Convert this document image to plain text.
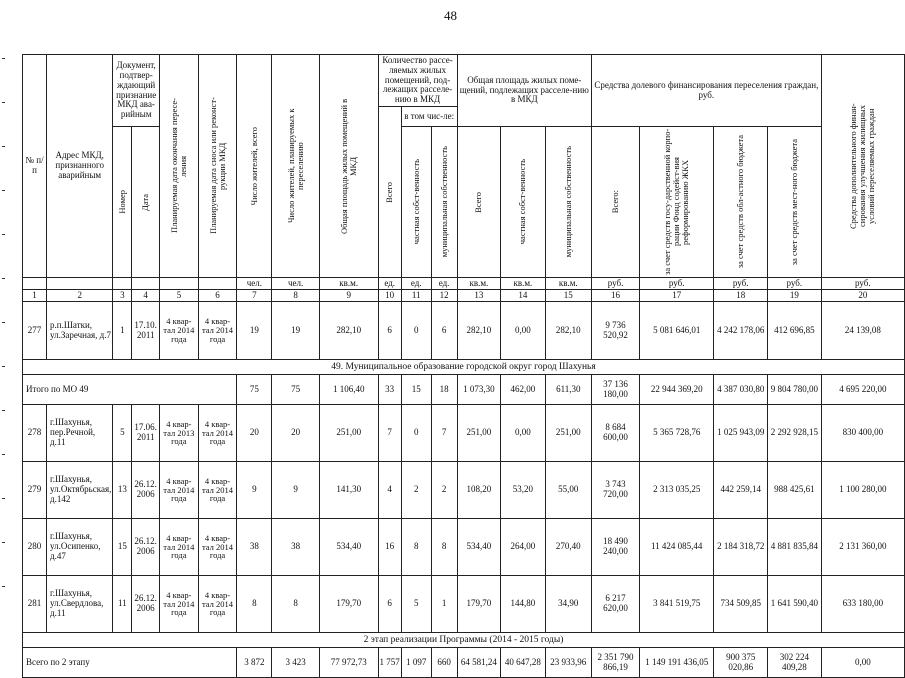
48
№ п/п	Адрес МКД, признанного аварийным	Документ, подтвер-ждающий признание МКД ава-рийным		Планируемая дата окончания пересе-ления	Планируемая дата сноса или реконст-рукции МКД	Число жителей, всего	Число жителей, планируемых к переселению	Общая площадь жилых помещений в МКД	Количество рассе-ляемых жилых помещений, под-лежащих расселе-нию в МКД			Общая площадь жилых поме-щений, подлежащих расселе-нию в МКД			Средства долевого финансирования переселения граждан, руб.				Средства дополнительного финан-сирования улучшения жилищных условий переселяемых граждан

									Всего	в том чис-ле:									

		Номер	Дата							частная собст-венность	муниципальная собственность	Всего	частная собст-венность	муниципальная собственность	Всего:	за счет средств госу-дарственной корпо-рации Фонд содейст-вия реформированию ЖКХ	за счет средств обл-астного бюджета	за счет средств мест-ного бюджета	

						чел.	чел.	кв.м.	ед.	ед.	ед.	кв.м.	кв.м.	кв.м.	руб.	руб.	руб.	руб.	руб.
1	2	3	4	5	6	7	8	9	10	11	12	13	14	15	16	17	18	19	20
277	р.п.Шатки, ул.Заречная, д.7	1	17.10. 2011	4 квар-тал 2014 года	4 квар-тал 2014 года	19	19	282,10	6	0	6	282,10	0,00	282,10	9 736 520,92	5 081 646,01	4 242 178,06	412 696,85	24 139,08
49. Муниципальное образование городской округ город Шахунья																			
Итого по МО 49						75	75	1 106,40	33	15	18	1 073,30	462,00	611,30	37 136 180,00	22 944 369,20	4 387 030,80	9 804 780,00	4 695 220,00
278	г.Шахунья, пер.Речной, д.11	5	17.06. 2011	4 квар-тал 2013 года	4 квар-тал 2014 года	20	20	251,00	7	0	7	251,00	0,00	251,00	8 684 600,00	5 365 728,76	1 025 943,09	2 292 928,15	830 400,00
279	г.Шахунья, ул.Октябрьская, д.142	13	26.12. 2006	4 квар-тал 2014 года	4 квар-тал 2014 года	9	9	141,30	4	2	2	108,20	53,20	55,00	3 743 720,00	2 313 035,25	442 259,14	988 425,61	1 100 280,00
280	г.Шахунья, ул.Осипенко, д.47	15	26.12. 2006	4 квар-тал 2014 года	4 квар-тал 2014 года	38	38	534,40	16	8	8	534,40	264,00	270,40	18 490 240,00	11 424 085,44	2 184 318,72	4 881 835,84	2 131 360,00
281	г.Шахунья, ул.Свердлова, д.11	11	26.12. 2006	4 квар-тал 2014 года	4 квар-тал 2014 года	8	8	179,70	6	5	1	179,70	144,80	34,90	6 217 620,00	3 841 519,75	734 509,85	1 641 590,40	633 180,00
2 этап реализации Программы (2014 - 2015 годы)																			
Всего по 2 этапу						3 872	3 423	77 972,73	1 757	1 097	660	64 581,24	40 647,28	23 933,96	2 351 790 866,19	1 149 191 436,05	900 375 020,86	302 224 409,28	0,00
